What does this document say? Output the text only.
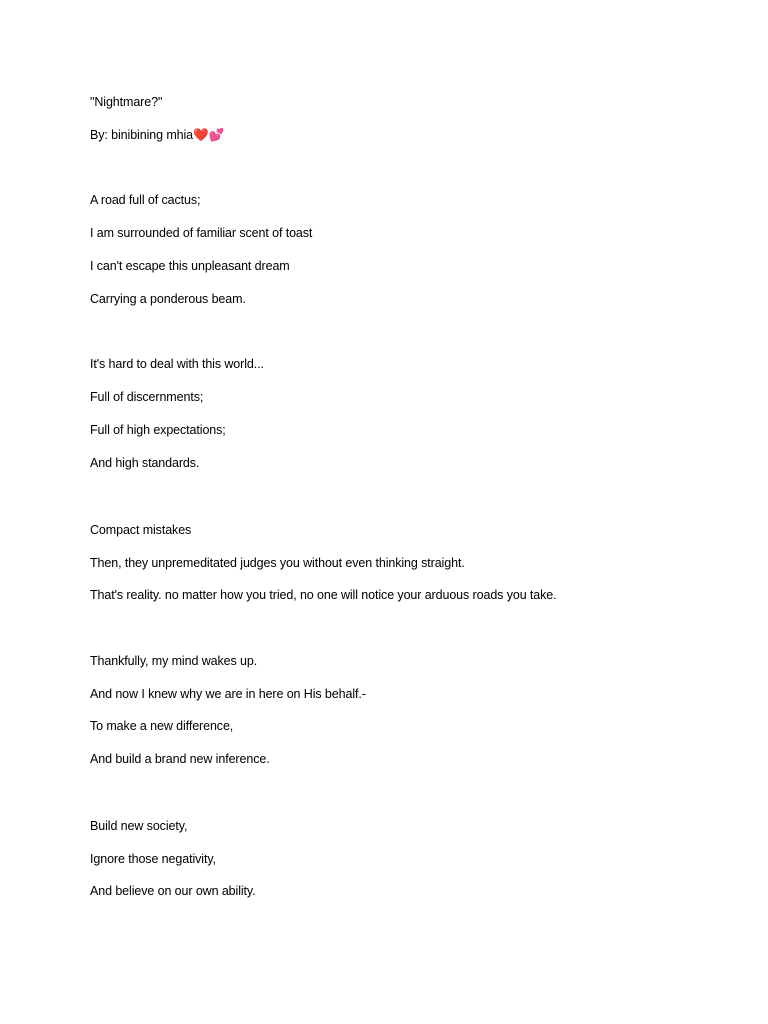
"Nightmare?"
By: binibining mhia❤️💕
A road full of cactus;
I am surrounded of familiar scent of toast
I can't escape this unpleasant dream
Carrying a ponderous beam.
It's hard to deal with this world...
Full of discernments;
Full of high expectations;
And high standards.
Compact mistakes
Then, they unpremeditated judges you without even thinking straight.
That's reality. no matter how you tried, no one will notice your arduous roads you take.
Thankfully, my mind wakes up.
And now I knew why we are in here on His behalf.-
To make a new difference,
And build a brand new inference.
Build new society,
Ignore those negativity,
And believe on our own ability.
